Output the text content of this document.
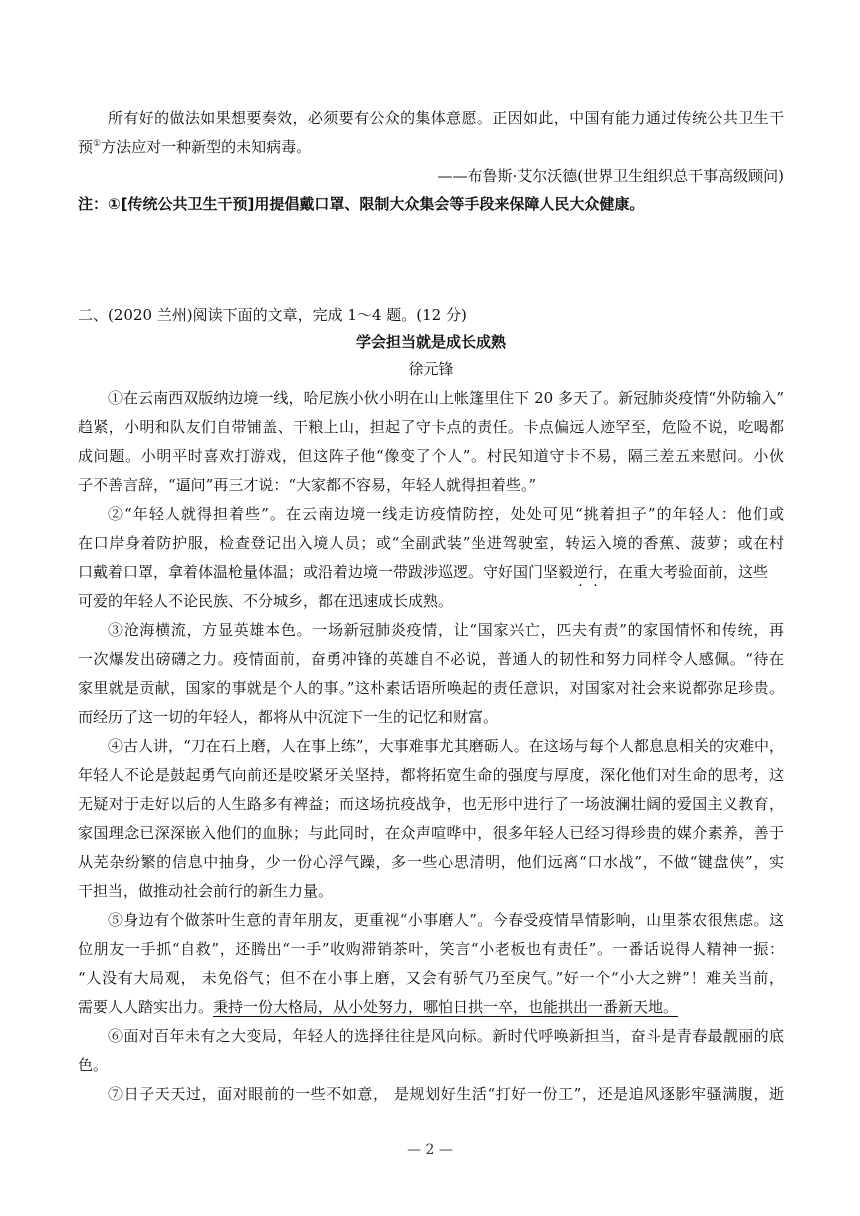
所有好的做法如果想要奏效，必须要有公众的集体意愿。正因如此，中国有能力通过传统公共卫生干
预①方法应对一种新型的未知病毒。
——布鲁斯·艾尔沃德(世界卫生组织总干事高级顾问)
注：①[传统公共卫生干预]用提倡戴口罩、限制大众集会等手段来保障人民大众健康。
二、(2020 兰州)阅读下面的文章，完成 1～4 题。(12 分)
学会担当就是成长成熟
徐元锋
①在云南西双版纳边境一线，哈尼族小伙小明在山上帐篷里住下 20 多天了。新冠肺炎疫情“外防输入”
趋紧，小明和队友们自带铺盖、干粮上山，担起了守卡点的责任。卡点偏远人迹罕至，危险不说，吃喝都
成问题。小明平时喜欢打游戏，但这阵子他“像变了个人”。村民知道守卡不易，隔三差五来慰问。小伙
子不善言辞，“逼问”再三才说：“大家都不容易，年轻人就得担着些。”
②“年轻人就得担着些”。在云南边境一线走访疫情防控，处处可见“挑着担子”的年轻人：他们或
在口岸身着防护服，检查登记出入境人员；或“全副武装”坐进驾驶室，转运入境的香蕉、菠萝；或在村
口戴着口罩，拿着体温枪量体温；或沿着边境一带跋涉巡逻。守好国门坚毅逆行，在重大考验面前，这些
可爱的年轻人不论民族、不分城乡，都在迅速成长成熟。
③沧海横流，方显英雄本色。一场新冠肺炎疫情，让“国家兴亡，匹夫有责”的家国情怀和传统，再
一次爆发出磅礴之力。疫情面前，奋勇冲锋的英雄自不必说，普通人的韧性和努力同样令人感佩。“待在
家里就是贡献，国家的事就是个人的事。”这朴素话语所唤起的责任意识，对国家对社会来说都弥足珍贵。
而经历了这一切的年轻人，都将从中沉淀下一生的记忆和财富。
④古人讲，“刀在石上磨，人在事上练”，大事难事尤其磨砺人。在这场与每个人都息息相关的灾难中，
年轻人不论是鼓起勇气向前还是咬紧牙关坚持，都将拓宽生命的强度与厚度，深化他们对生命的思考，这
无疑对于走好以后的人生路多有裨益；而这场抗疫战争，也无形中进行了一场波澜壮阔的爱国主义教育，
家国理念已深深嵌入他们的血脉；与此同时，在众声喧哗中，很多年轻人已经习得珍贵的媒介素养，善于
从芜杂纷繁的信息中抽身，少一份心浮气躁，多一些心思清明，他们远离“口水战”，不做“键盘侠”，实
干担当，做推动社会前行的新生力量。
⑤身边有个做茶叶生意的青年朋友，更重视“小事磨人”。今春受疫情旱情影响，山里茶农很焦虑。这
位朋友一手抓“自救”，还腾出“一手”收购滞销茶叶，笑言“小老板也有责任”。一番话说得人精神一振：
“人没有大局观， 未免俗气；但不在小事上磨，又会有骄气乃至戾气。”好一个“小大之辨”！难关当前，
需要人人踏实出力。秉持一份大格局，从小处努力，哪怕日拱一卒，也能拱出一番新天地。
⑥面对百年未有之大变局，年轻人的选择往往是风向标。新时代呼唤新担当，奋斗是青春最靓丽的底
色。
⑦日子天天过，面对眼前的一些不如意， 是规划好生活“打好一份工”，还是追风逐影牢骚满腹，逝
— 2 —
